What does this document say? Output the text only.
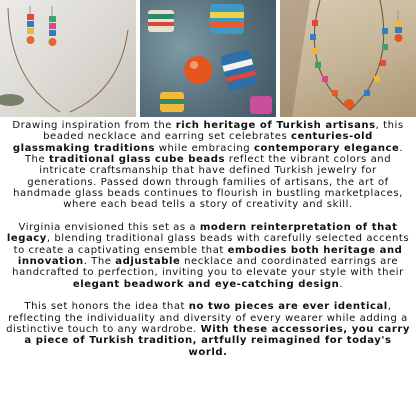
Drawing inspiration from the rich heritage of Turkish artisans, this beaded necklace and earring set celebrates centuries-old glassmaking traditions while embracing contemporary elegance. The traditional glass cube beads reflect the vibrant colors and intricate craftsmanship that have defined Turkish jewelry for generations. Passed down through families of artisans, the art of handmade glass beads continues to flourish in bustling marketplaces, where each bead tells a story of creativity and skill.

Virginia envisioned this set as a modern reinterpretation of that legacy, blending traditional glass beads with carefully selected accents to create a captivating ensemble that embodies both heritage and innovation. The adjustable necklace and coordinated earrings are handcrafted to perfection, inviting you to elevate your style with their elegant beadwork and eye-catching design.

This set honors the idea that no two pieces are ever identical, reflecting the individuality and diversity of every wearer while adding a distinctive touch to any wardrobe. With these accessories, you carry a piece of Turkish tradition, artfully reimagined for today's world.
